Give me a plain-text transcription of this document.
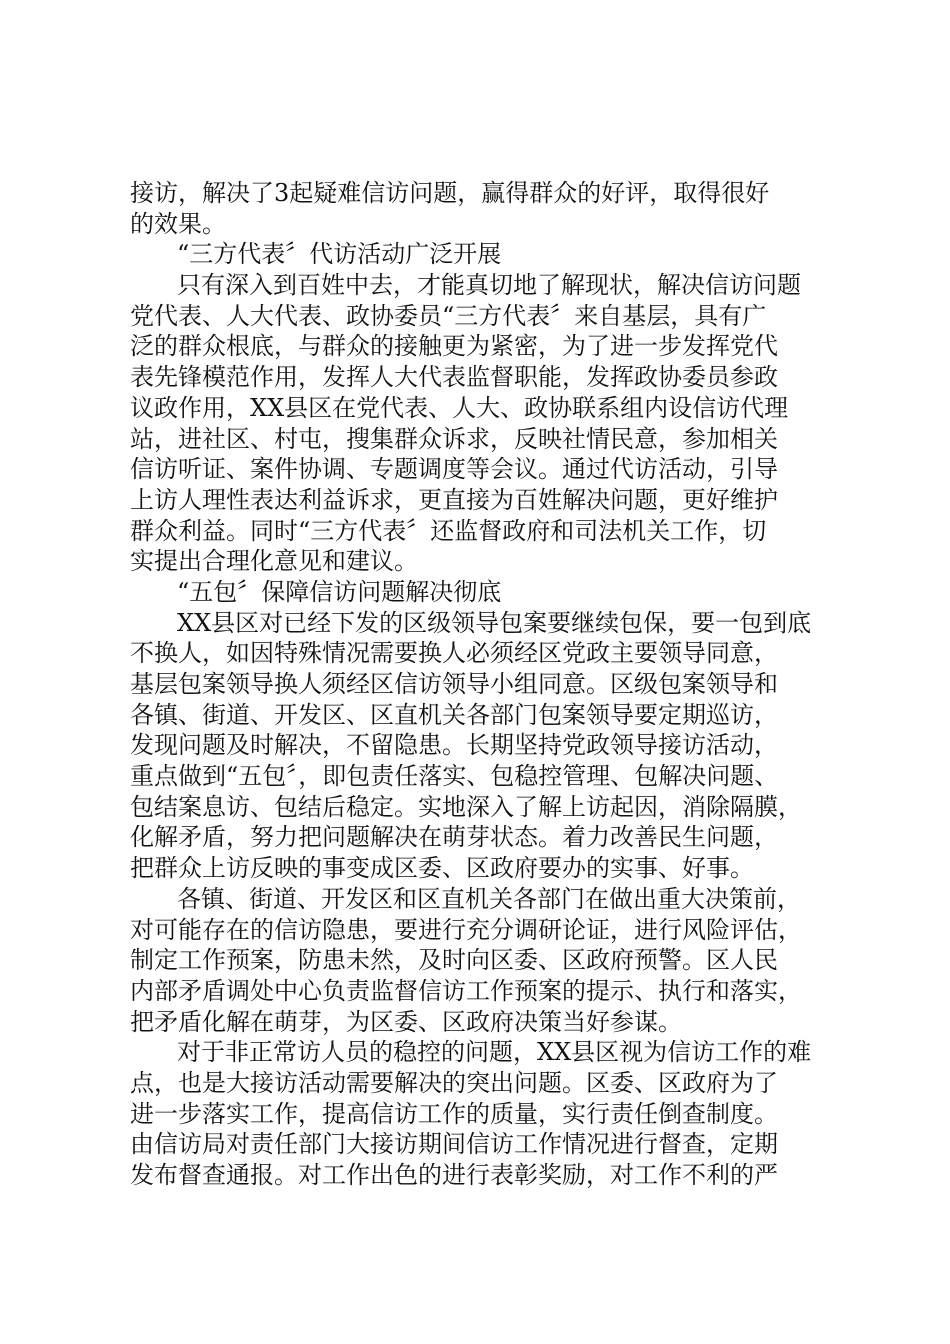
接访，解决了3起疑难信访问题，赢得群众的好评，取得很好
的效果。
“三方代表〞代访活动广泛开展
只有深入到百姓中去，才能真切地了解现状，解决信访问题
党代表、人大代表、政协委员“三方代表〞来自基层，具有广
泛的群众根底，与群众的接触更为紧密，为了进一步发挥党代
表先锋模范作用，发挥人大代表监督职能，发挥政协委员参政
议政作用，XX县区在党代表、人大、政协联系组内设信访代理
站，进社区、村屯，搜集群众诉求，反映社情民意，参加相关
信访听证、案件协调、专题调度等会议。通过代访活动，引导
上访人理性表达利益诉求，更直接为百姓解决问题，更好维护
群众利益。同时“三方代表〞还监督政府和司法机关工作，切
实提出合理化意见和建议。
“五包〞保障信访问题解决彻底
XX县区对已经下发的区级领导包案要继续包保，要一包到底
不换人，如因特殊情况需要换人必须经区党政主要领导同意，
基层包案领导换人须经区信访领导小组同意。区级包案领导和
各镇、街道、开发区、区直机关各部门包案领导要定期巡访，
发现问题及时解决，不留隐患。长期坚持党政领导接访活动，
重点做到“五包〞，即包责任落实、包稳控管理、包解决问题、
包结案息访、包结后稳定。实地深入了解上访起因，消除隔膜，
化解矛盾，努力把问题解决在萌芽状态。着力改善民生问题，
把群众上访反映的事变成区委、区政府要办的实事、好事。
各镇、街道、开发区和区直机关各部门在做出重大决策前，
对可能存在的信访隐患，要进行充分调研论证，进行风险评估，
制定工作预案，防患未然，及时向区委、区政府预警。区人民
内部矛盾调处中心负责监督信访工作预案的提示、执行和落实，
把矛盾化解在萌芽，为区委、区政府决策当好参谋。
对于非正常访人员的稳控的问题，XX县区视为信访工作的难
点，也是大接访活动需要解决的突出问题。区委、区政府为了
进一步落实工作，提高信访工作的质量，实行责任倒查制度。
由信访局对责任部门大接访期间信访工作情况进行督查，定期
发布督查通报。对工作出色的进行表彰奖励，对工作不利的严
